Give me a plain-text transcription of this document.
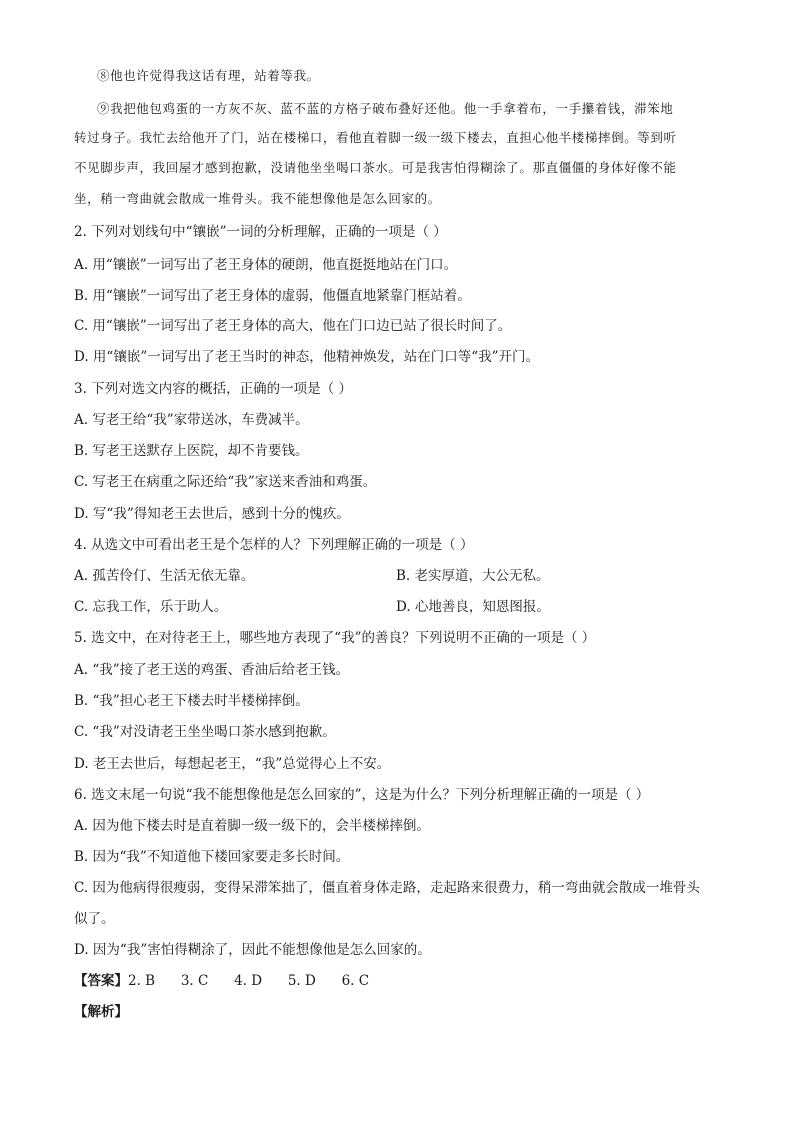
⑧他也许觉得我这话有理，站着等我。
⑨我把他包鸡蛋的一方灰不灰、蓝不蓝的方格子破布叠好还他。他一手拿着布，一手攥着钱，滞笨地
转过身子。我忙去给他开了门，站在楼梯口，看他直着脚一级一级下楼去，直担心他半楼梯摔倒。等到听
不见脚步声，我回屋才感到抱歉，没请他坐坐喝口茶水。可是我害怕得糊涂了。那直僵僵的身体好像不能
坐，稍一弯曲就会散成一堆骨头。我不能想像他是怎么回家的。
2. 下列对划线句中“镶嵌”一词的分析理解，正确的一项是（ ）
A. 用“镶嵌”一词写出了老王身体的硬朗，他直挺挺地站在门口。
B. 用“镶嵌”一词写出了老王身体的虚弱，他僵直地紧靠门框站着。
C. 用“镶嵌”一词写出了老王身体的高大，他在门口边已站了很长时间了。
D. 用“镶嵌”一词写出了老王当时的神态，他精神焕发，站在门口等“我”开门。
3. 下列对选文内容的概括，正确的一项是（ ）
A. 写老王给“我”家带送冰，车费减半。
B. 写老王送默存上医院，却不肯要钱。
C. 写老王在病重之际还给“我”家送来香油和鸡蛋。
D. 写“我”得知老王去世后，感到十分的愧疚。
4. 从选文中可看出老王是个怎样的人？下列理解正确的一项是（ ）
A. 孤苦伶仃、生活无依无靠。	B. 老实厚道，大公无私。
C. 忘我工作，乐于助人。	D. 心地善良，知恩图报。
5. 选文中，在对待老王上，哪些地方表现了“我”的善良？下列说明不正确的一项是（ ）
A. “我”接了老王送的鸡蛋、香油后给老王钱。
B. “我”担心老王下楼去时半楼梯摔倒。
C. “我”对没请老王坐坐喝口茶水感到抱歉。
D. 老王去世后，每想起老王，“我”总觉得心上不安。
6. 选文末尾一句说“我不能想像他是怎么回家的”，这是为什么？下列分析理解正确的一项是（ ）
A. 因为他下楼去时是直着脚一级一级下的，会半楼梯摔倒。
B. 因为“我”不知道他下楼回家要走多长时间。
C. 因为他病得很瘦弱，变得呆滞笨拙了，僵直着身体走路，走起路来很费力，稍一弯曲就会散成一堆骨头
似了。
D. 因为“我”害怕得糊涂了，因此不能想像他是怎么回家的。
【答案】2. B      3. C      4. D      5. D      6. C
【解析】
